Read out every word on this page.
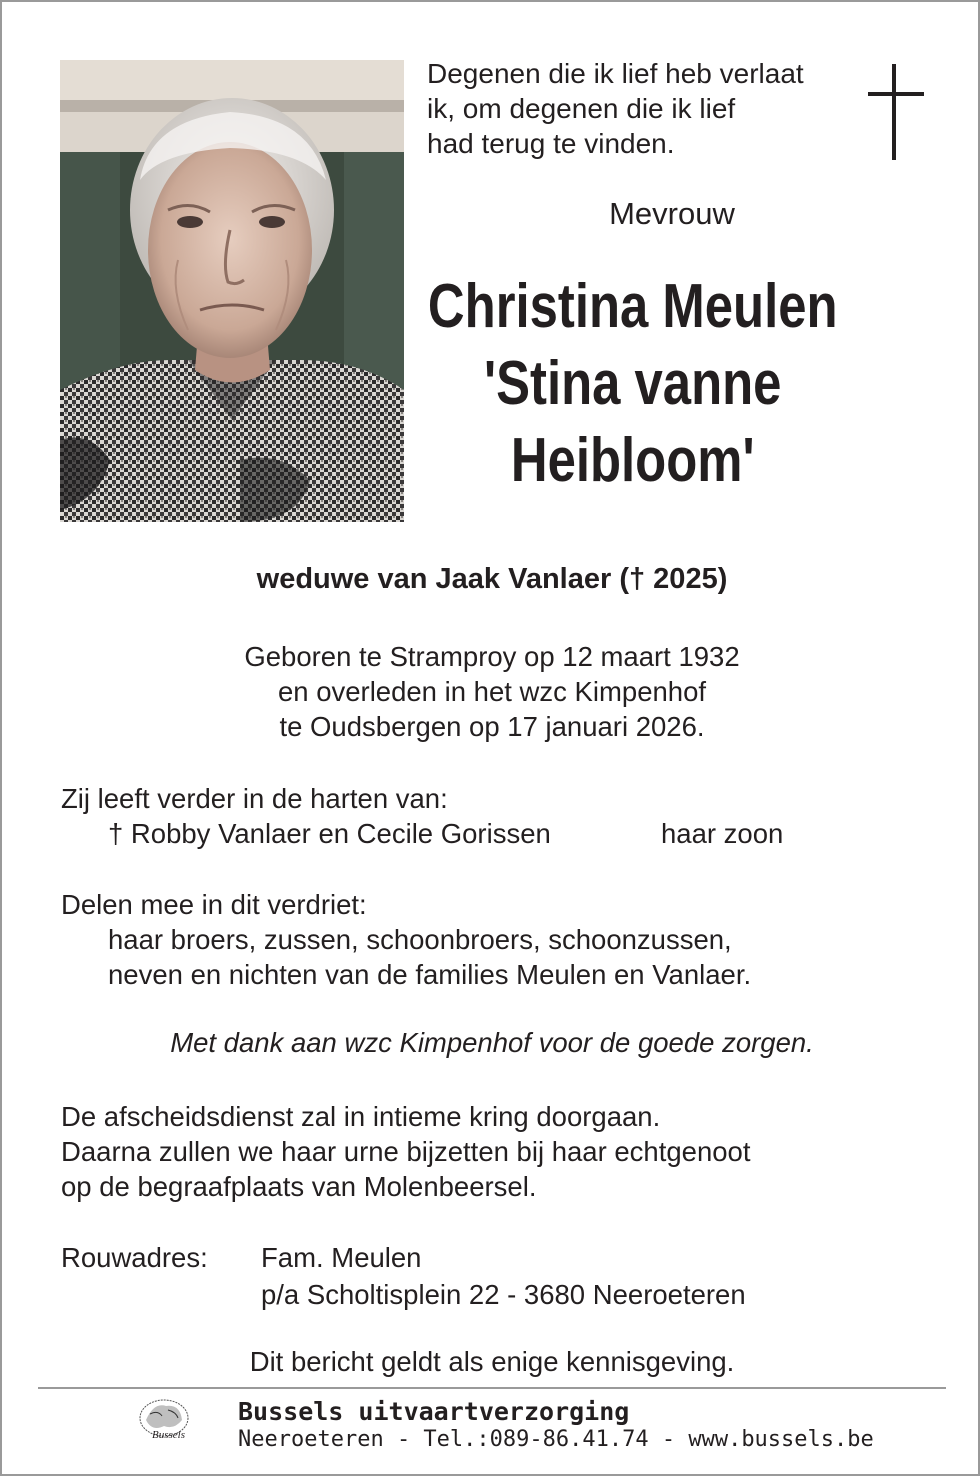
Degenen die ik lief heb verlaat
ik, om degenen die ik lief
had terug te vinden.
Mevrouw
Christina Meulen
'Stina vanne
Heibloom'
weduwe van Jaak Vanlaer († 2025)
Geboren te Stramproy op 12 maart 1932
en overleden in het wzc Kimpenhof
te Oudsbergen op 17 januari 2026.
Zij leeft verder in de harten van:
† Robby Vanlaer en Cecile Gorissen	haar zoon
Delen mee in dit verdriet:
haar broers, zussen, schoonbroers, schoonzussen,
neven en nichten van de families Meulen en Vanlaer.
Met dank aan wzc Kimpenhof voor de goede zorgen.
De afscheidsdienst zal in intieme kring doorgaan.
Daarna zullen we haar urne bijzetten bij haar echtgenoot
op de begraafplaats van Molenbeersel.
Rouwadres: Fam. Meulen
p/a Scholtisplein 22 - 3680 Neeroeteren
Dit bericht geldt als enige kennisgeving.
Bussels
Bussels uitvaartverzorging
Neeroeteren - Tel.:089-86.41.74 - www.bussels.be
